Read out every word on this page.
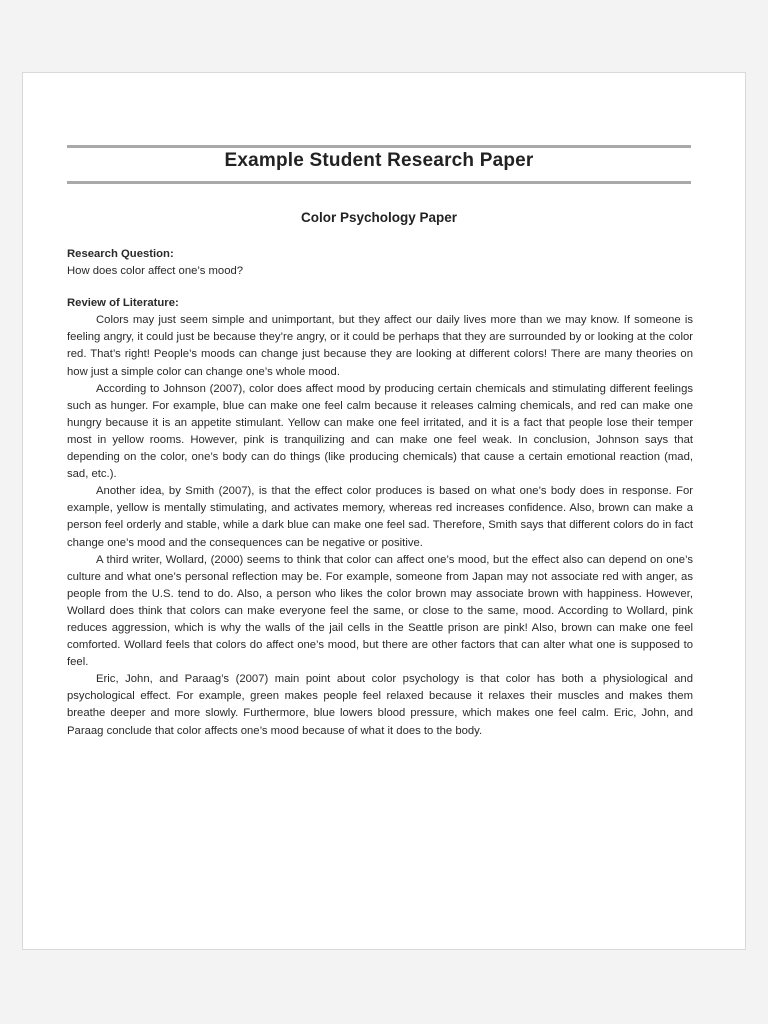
Example Student Research Paper
Color Psychology Paper

Research Question:

How does color affect one’s mood?

Review of Literature:

Colors may just seem simple and unimportant, but they affect our daily lives more than we may know. If someone is feeling angry, it could just be because they’re angry, or it could be perhaps that they are surrounded by or looking at the color red. That’s right! People’s moods can change just because they are looking at different colors! There are many theories on how just a simple color can change one’s whole mood.

According to Johnson (2007), color does affect mood by producing certain chemicals and stimulating different feelings such as hunger. For example, blue can make one feel calm because it releases calming chemicals, and red can make one hungry because it is an appetite stimulant. Yellow can make one feel irritated, and it is a fact that people lose their temper most in yellow rooms. However, pink is tranquilizing and can make one feel weak. In conclusion, Johnson says that depending on the color, one’s body can do things (like producing chemicals) that cause a certain emotional reaction (mad, sad, etc.).

Another idea, by Smith (2007), is that the effect color produces is based on what one’s body does in response. For example, yellow is mentally stimulating, and activates memory, whereas red increases confidence. Also, brown can make a person feel orderly and stable, while a dark blue can make one feel sad. Therefore, Smith says that different colors do in fact change one’s mood and the consequences can be negative or positive.

A third writer, Wollard, (2000) seems to think that color can affect one’s mood, but the effect also can depend on one’s culture and what one’s personal reflection may be. For example, someone from Japan may not associate red with anger, as people from the U.S. tend to do. Also, a person who likes the color brown may associate brown with happiness. However, Wollard does think that colors can make everyone feel the same, or close to the same, mood. According to Wollard, pink reduces aggression, which is why the walls of the jail cells in the Seattle prison are pink! Also, brown can make one feel comforted. Wollard feels that colors do affect one’s mood, but there are other factors that can alter what one is supposed to feel.

Eric, John, and Paraag’s (2007) main point about color psychology is that color has both a physiological and psychological effect. For example, green makes people feel relaxed because it relaxes their muscles and makes them breathe deeper and more slowly. Furthermore, blue lowers blood pressure, which makes one feel calm. Eric, John, and Paraag conclude that color affects one’s mood because of what it does to the body.
